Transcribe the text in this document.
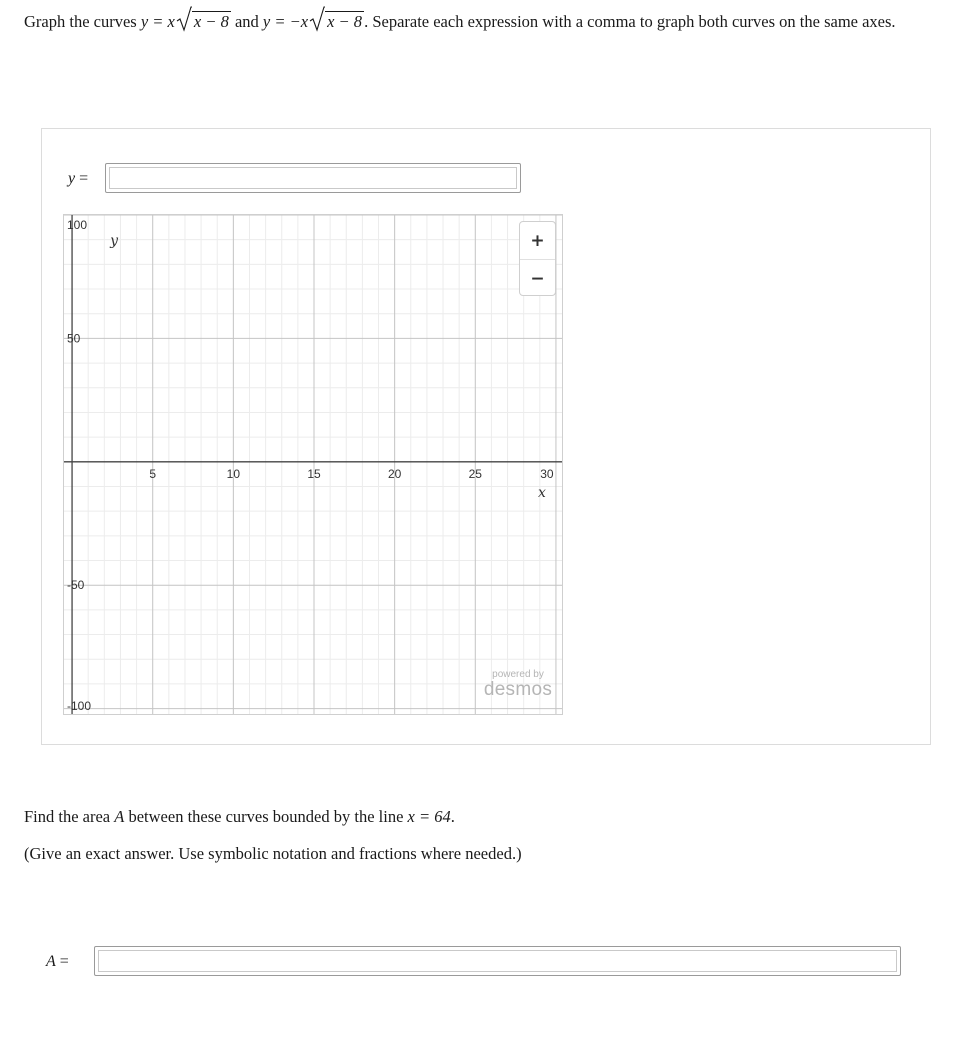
Graph the curves y = x x − 8 and y = −x x − 8 . Separate each expression with a comma to graph both curves on the same axes.
y =
5	10	15	20	25	30
100
50
-50
-100
x
y	+
−
powered by
desmos
Find the area A between these curves bounded by the line x = 64.
(Give an exact answer. Use symbolic notation and fractions where needed.)
A =
